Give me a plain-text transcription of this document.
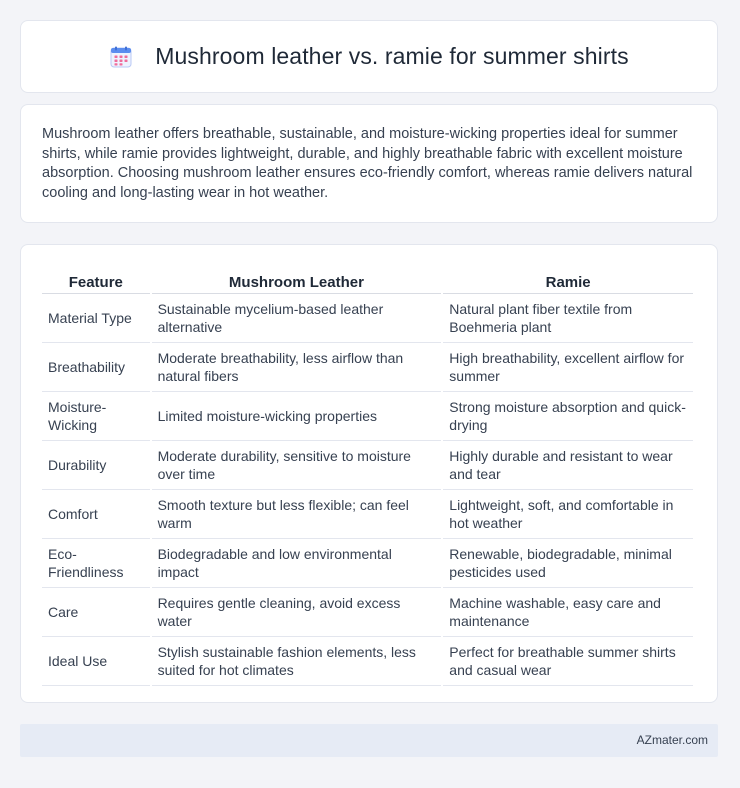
Mushroom leather vs. ramie for summer shirts

Mushroom leather offers breathable, sustainable, and moisture-wicking properties ideal for summer shirts, while ramie provides lightweight, durable, and highly breathable fabric with excellent moisture absorption. Choosing mushroom leather ensures eco-friendly comfort, whereas ramie delivers natural cooling and long-lasting wear in hot weather.

Feature	Mushroom Leather	Ramie
Material Type	Sustainable mycelium-based leather alternative	Natural plant fiber textile from Boehmeria plant
Breathability	Moderate breathability, less airflow than natural fibers	High breathability, excellent airflow for summer
Moisture-Wicking	Limited moisture-wicking properties	Strong moisture absorption and quick-drying
Durability	Moderate durability, sensitive to moisture over time	Highly durable and resistant to wear and tear
Comfort	Smooth texture but less flexible; can feel warm	Lightweight, soft, and comfortable in hot weather
Eco-Friendliness	Biodegradable and low environmental impact	Renewable, biodegradable, minimal pesticides used
Care	Requires gentle cleaning, avoid excess water	Machine washable, easy care and maintenance
Ideal Use	Stylish sustainable fashion elements, less suited for hot climates	Perfect for breathable summer shirts and casual wear
AZmater.com
